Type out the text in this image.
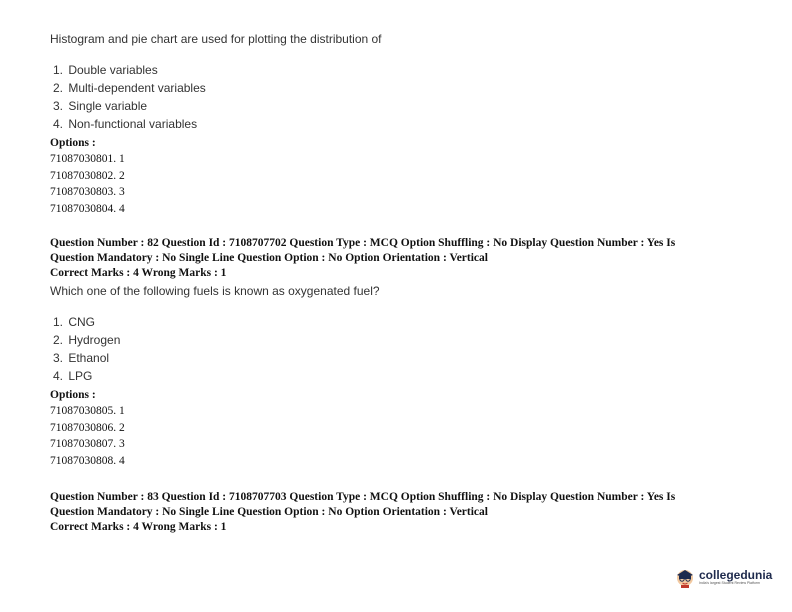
Histogram and pie chart are used for plotting the distribution of

1. Double variables
2. Multi-dependent variables
3. Single variable
4. Non-functional variables
Options :
71087030801. 1
71087030802. 2
71087030803. 3
71087030804. 4

Question Number : 82 Question Id : 7108707702 Question Type : MCQ Option Shuffling : No Display Question Number : Yes Is

Question Mandatory : No Single Line Question Option : No Option Orientation : Vertical

Correct Marks : 4 Wrong Marks : 1

Which one of the following fuels is known as oxygenated fuel?

1. CNG
2. Hydrogen
3. Ethanol
4. LPG
Options :
71087030805. 1
71087030806. 2
71087030807. 3
71087030808. 4

Question Number : 83 Question Id : 7108707703 Question Type : MCQ Option Shuffling : No Display Question Number : Yes Is

Question Mandatory : No Single Line Question Option : No Option Orientation : Vertical

Correct Marks : 4 Wrong Marks : 1

collegedunia
India's largest Student Review Platform
